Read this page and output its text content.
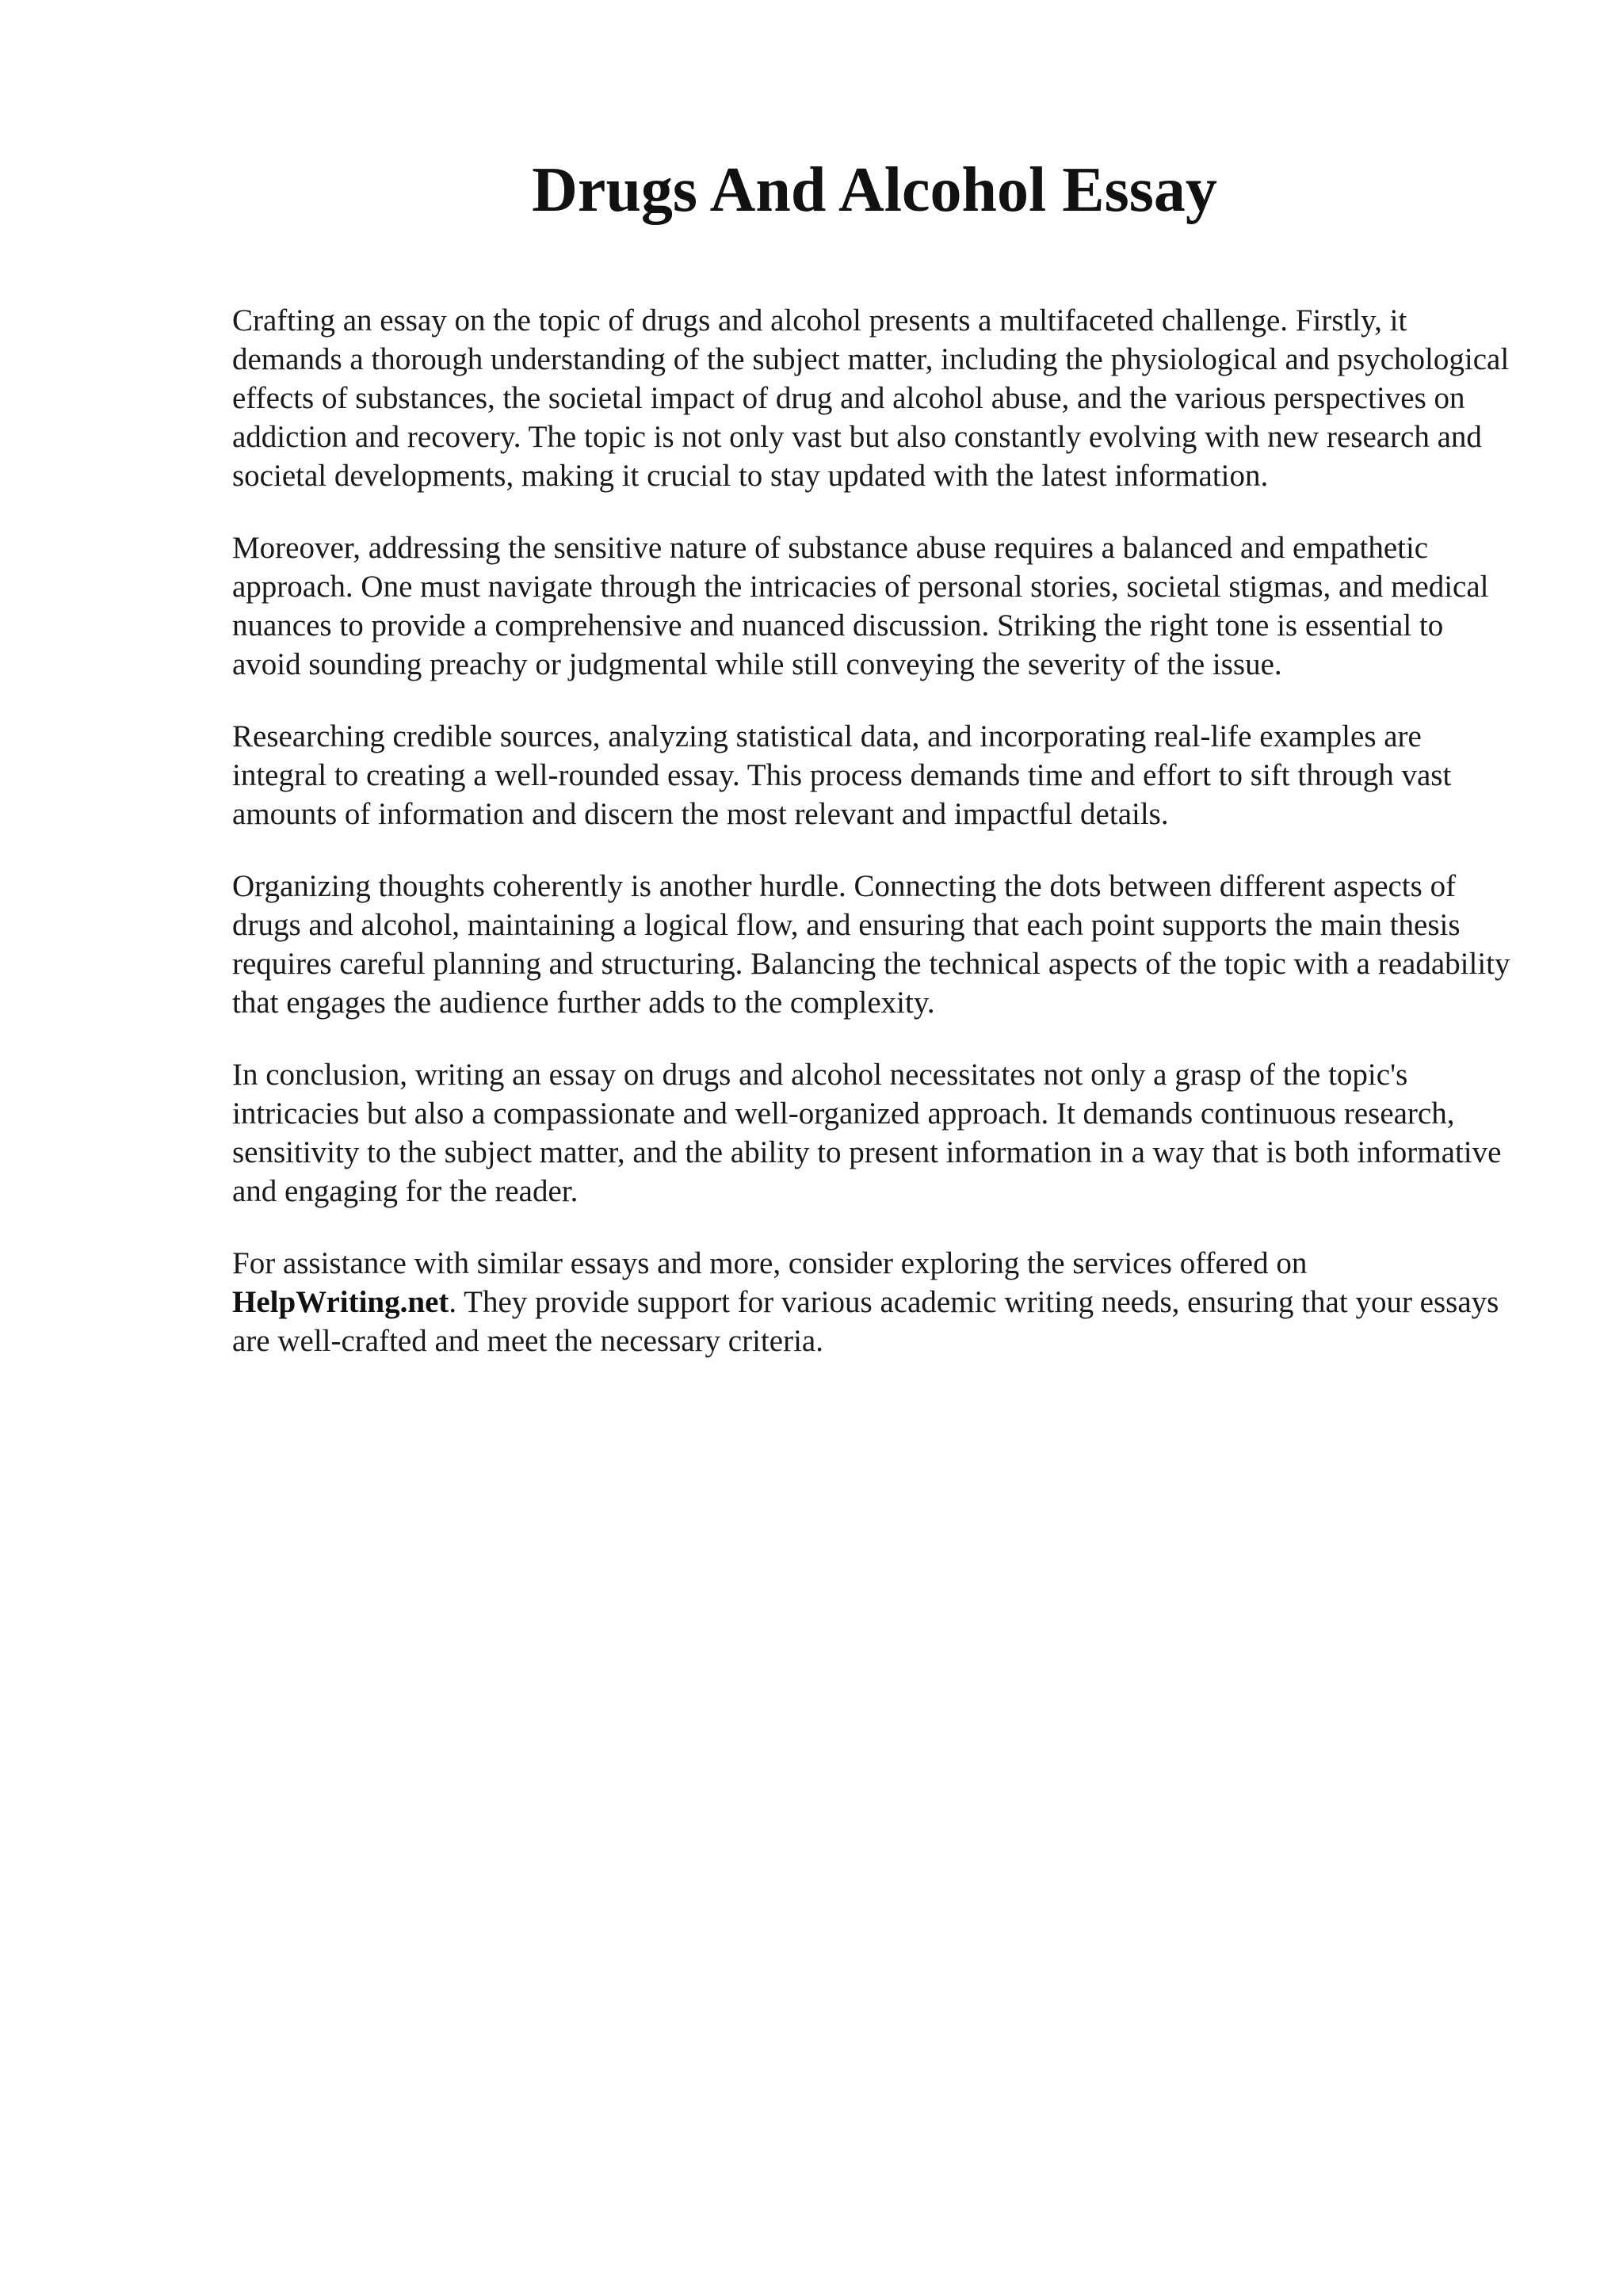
Drugs And Alcohol Essay

Crafting an essay on the topic of drugs and alcohol presents a multifaceted challenge. Firstly, it demands a thorough understanding of the subject matter, including the physiological and psychological effects of substances, the societal impact of drug and alcohol abuse, and the various perspectives on addiction and recovery. The topic is not only vast but also constantly evolving with new research and societal developments, making it crucial to stay updated with the latest information.

Moreover, addressing the sensitive nature of substance abuse requires a balanced and empathetic approach. One must navigate through the intricacies of personal stories, societal stigmas, and medical nuances to provide a comprehensive and nuanced discussion. Striking the right tone is essential to avoid sounding preachy or judgmental while still conveying the severity of the issue.

Researching credible sources, analyzing statistical data, and incorporating real-life examples are integral to creating a well-rounded essay. This process demands time and effort to sift through vast amounts of information and discern the most relevant and impactful details.

Organizing thoughts coherently is another hurdle. Connecting the dots between different aspects of drugs and alcohol, maintaining a logical flow, and ensuring that each point supports the main thesis requires careful planning and structuring. Balancing the technical aspects of the topic with a readability that engages the audience further adds to the complexity.

In conclusion, writing an essay on drugs and alcohol necessitates not only a grasp of the topic's intricacies but also a compassionate and well-organized approach. It demands continuous research, sensitivity to the subject matter, and the ability to present information in a way that is both informative and engaging for the reader.

For assistance with similar essays and more, consider exploring the services offered on HelpWriting.net. They provide support for various academic writing needs, ensuring that your essays are well-crafted and meet the necessary criteria.
